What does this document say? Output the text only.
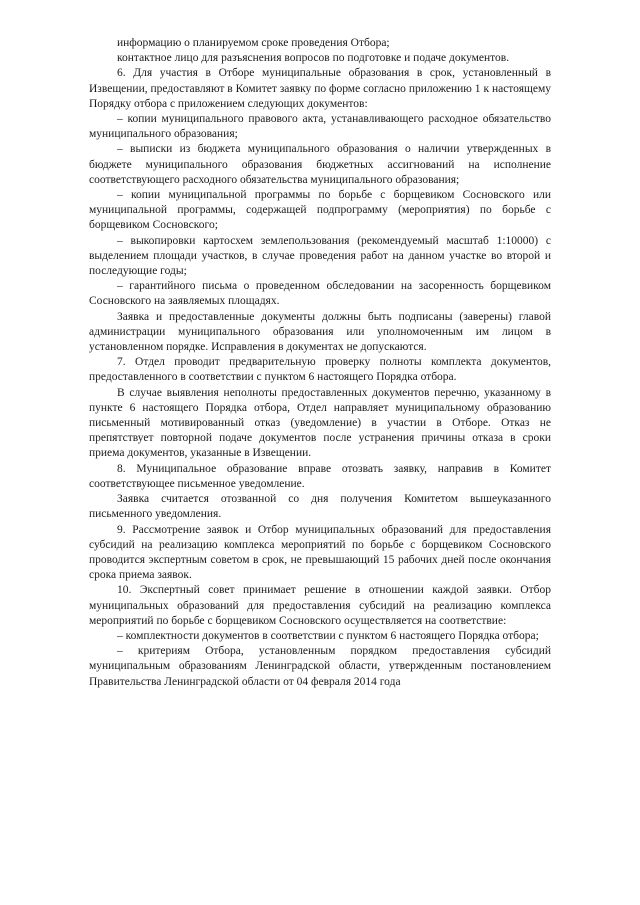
информацию о планируемом сроке проведения Отбора;

контактное лицо для разъяснения вопросов по подготовке и подаче документов.

6. Для участия в Отборе муниципальные образования в срок, установленный в Извещении, предоставляют в Комитет заявку по форме согласно приложению 1 к настоящему Порядку отбора с приложением следующих документов:

– копии муниципального правового акта, устанавливающего расходное обязательство муниципального образования;

– выписки из бюджета муниципального образования о наличии утвержденных в бюджете муниципального образования бюджетных ассигнований на исполнение соответствующего расходного обязательства муниципального образования;

– копии муниципальной программы по борьбе с борщевиком Сосновского или муниципальной программы, содержащей подпрограмму (мероприятия) по борьбе с борщевиком Сосновского;

– выкопировки картосхем землепользования (рекомендуемый масштаб 1:10000) с выделением площади участков, в случае проведения работ на данном участке во второй и последующие годы;

– гарантийного письма о проведенном обследовании на засоренность борщевиком Сосновского на заявляемых площадях.

Заявка и предоставленные документы должны быть подписаны (заверены) главой администрации муниципального образования или уполномоченным им лицом в установленном порядке. Исправления в документах не допускаются.

7. Отдел проводит предварительную проверку полноты комплекта документов, предоставленного в соответствии с пунктом 6 настоящего Порядка отбора.

В случае выявления неполноты предоставленных документов перечню, указанному в пункте 6 настоящего Порядка отбора, Отдел направляет муниципальному образованию письменный мотивированный отказ (уведомление) в участии в Отборе. Отказ не препятствует повторной подаче документов после устранения причины отказа в сроки приема документов, указанные в Извещении.

8. Муниципальное образование вправе отозвать заявку, направив в Комитет соответствующее письменное уведомление.

Заявка считается отозванной со дня получения Комитетом вышеуказанного письменного уведомления.

9. Рассмотрение заявок и Отбор муниципальных образований для предоставления субсидий на реализацию комплекса мероприятий по борьбе с борщевиком Сосновского проводится экспертным советом в срок, не превышающий 15 рабочих дней после окончания срока приема заявок.

10. Экспертный совет принимает решение в отношении каждой заявки. Отбор муниципальных образований для предоставления субсидий на реализацию комплекса мероприятий по борьбе с борщевиком Сосновского осуществляется на соответствие:

– комплектности документов в соответствии с пунктом 6 настоящего Порядка отбора;

– критериям Отбора, установленным порядком предоставления субсидий муниципальным образованиям Ленинградской области, утвержденным постановлением Правительства Ленинградской области от 04 февраля 2014 года
